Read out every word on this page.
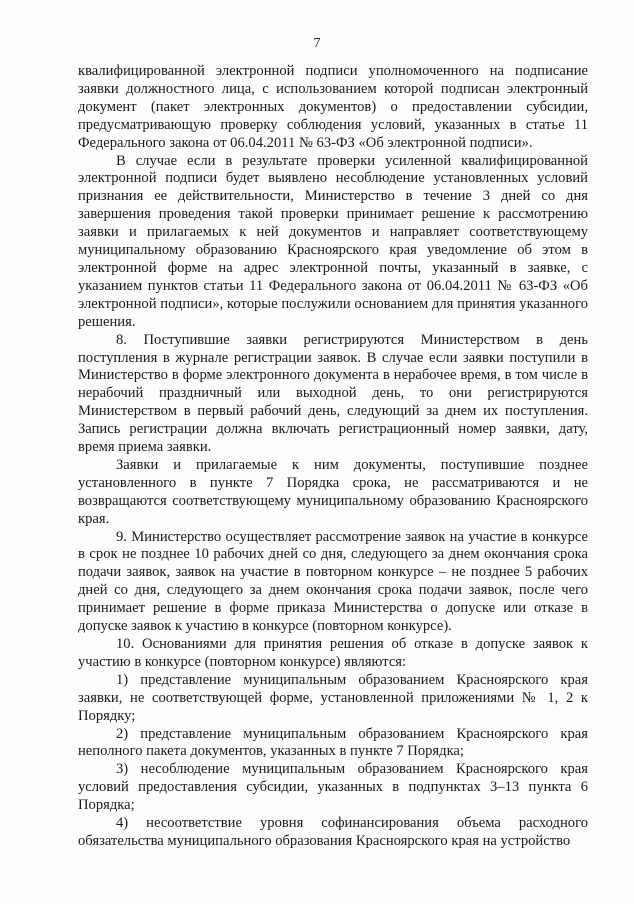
7

квалифицированной электронной подписи уполномоченного на подписание заявки должностного лица, с использованием которой подписан электронный документ (пакет электронных документов) о предоставлении субсидии, предусматривающую проверку соблюдения условий, указанных в статье 11 Федерального закона от 06.04.2011 № 63-ФЗ «Об электронной подписи».

В случае если в результате проверки усиленной квалифицированной электронной подписи будет выявлено несоблюдение установленных условий признания ее действительности, Министерство в течение 3 дней со дня завершения проведения такой проверки принимает решение к рассмотрению заявки и прилагаемых к ней документов и направляет соответствующему муниципальному образованию Красноярского края уведомление об этом в электронной форме на адрес электронной почты, указанный в заявке, с указанием пунктов статьи 11 Федерального закона от 06.04.2011 № 63-ФЗ «Об электронной подписи», которые послужили основанием для принятия указанного решения.

8. Поступившие заявки регистрируются Министерством в день поступления в журнале регистрации заявок. В случае если заявки поступили в Министерство в форме электронного документа в нерабочее время, в том числе в нерабочий праздничный или выходной день, то они регистрируются Министерством в первый рабочий день, следующий за днем их поступления. Запись регистрации должна включать регистрационный номер заявки, дату, время приема заявки.

Заявки и прилагаемые к ним документы, поступившие позднее установленного в пункте 7 Порядка срока, не рассматриваются и не возвращаются соответствующему муниципальному образованию Красноярского края.

9. Министерство осуществляет рассмотрение заявок на участие в конкурсе в срок не позднее 10 рабочих дней со дня, следующего за днем окончания срока подачи заявок, заявок на участие в повторном конкурсе – не позднее 5 рабочих дней со дня, следующего за днем окончания срока подачи заявок, после чего принимает решение в форме приказа Министерства о допуске или отказе в допуске заявок к участию в конкурсе (повторном конкурсе).

10. Основаниями для принятия решения об отказе в допуске заявок к участию в конкурсе (повторном конкурсе) являются:

1) представление муниципальным образованием Красноярского края заявки, не соответствующей форме, установленной приложениями № 1, 2 к Порядку;

2) представление муниципальным образованием Красноярского края неполного пакета документов, указанных в пункте 7 Порядка;

3) несоблюдение муниципальным образованием Красноярского края условий предоставления субсидии, указанных в подпунктах 3–13 пункта 6 Порядка;

4) несоответствие уровня софинансирования объема расходного обязательства муниципального образования Красноярского края на устройство
